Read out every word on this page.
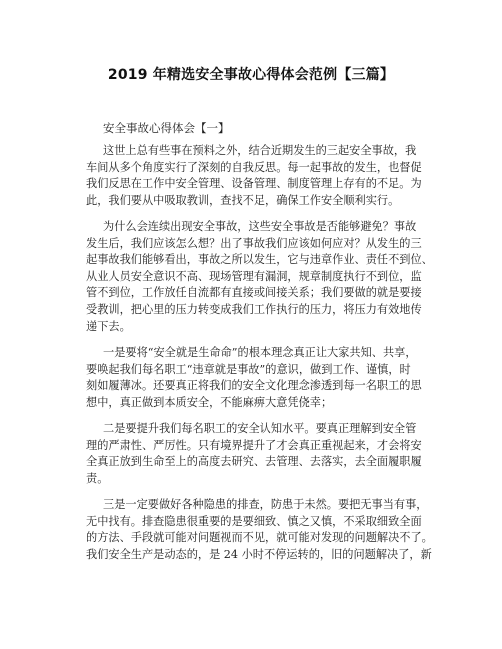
2019 年精选安全事故心得体会范例【三篇】
安全事故心得体会【一】
这世上总有些事在预料之外，结合近期发生的三起安全事故，我
车间从多个角度实行了深刻的自我反思。每一起事故的发生，也督促
我们反思在工作中安全管理、设备管理、制度管理上存有的不足。为
此，我们要从中吸取教训，查找不足，确保工作安全顺利实行。
为什么会连续出现安全事故，这些安全事故是否能够避免？事故
发生后，我们应该怎么想？出了事故我们应该如何应对？从发生的三
起事故我们能够看出，事故之所以发生，它与违章作业、责任不到位、
从业人员安全意识不高、现场管理有漏洞，规章制度执行不到位，监
管不到位，工作放任自流都有直接或间接关系；我们要做的就是要接
受教训，把心里的压力转变成我们工作执行的压力，将压力有效地传
递下去。
一是要将“安全就是生命命”的根本理念真正让大家共知、共享，
要唤起我们每名职工“违章就是事故”的意识，做到工作、谨慎，时
刻如履薄冰。还要真正将我们的安全文化理念渗透到每一名职工的思
想中，真正做到本质安全，不能麻痹大意凭侥幸；
二是要提升我们每名职工的安全认知水平。要真正理解到安全管
理的严肃性、严厉性。只有境界提升了才会真正重视起来，才会将安
全真正放到生命至上的高度去研究、去管理、去落实，去全面履职履
责。
三是一定要做好各种隐患的排查，防患于未然。要把无事当有事，
无中找有。排查隐患很重要的是要细致、慎之又慎，不采取细致全面
的方法、手段就可能对问题视而不见，就可能对发现的问题解决不了。
我们安全生产是动态的，是 24 小时不停运转的，旧的问题解决了，新
